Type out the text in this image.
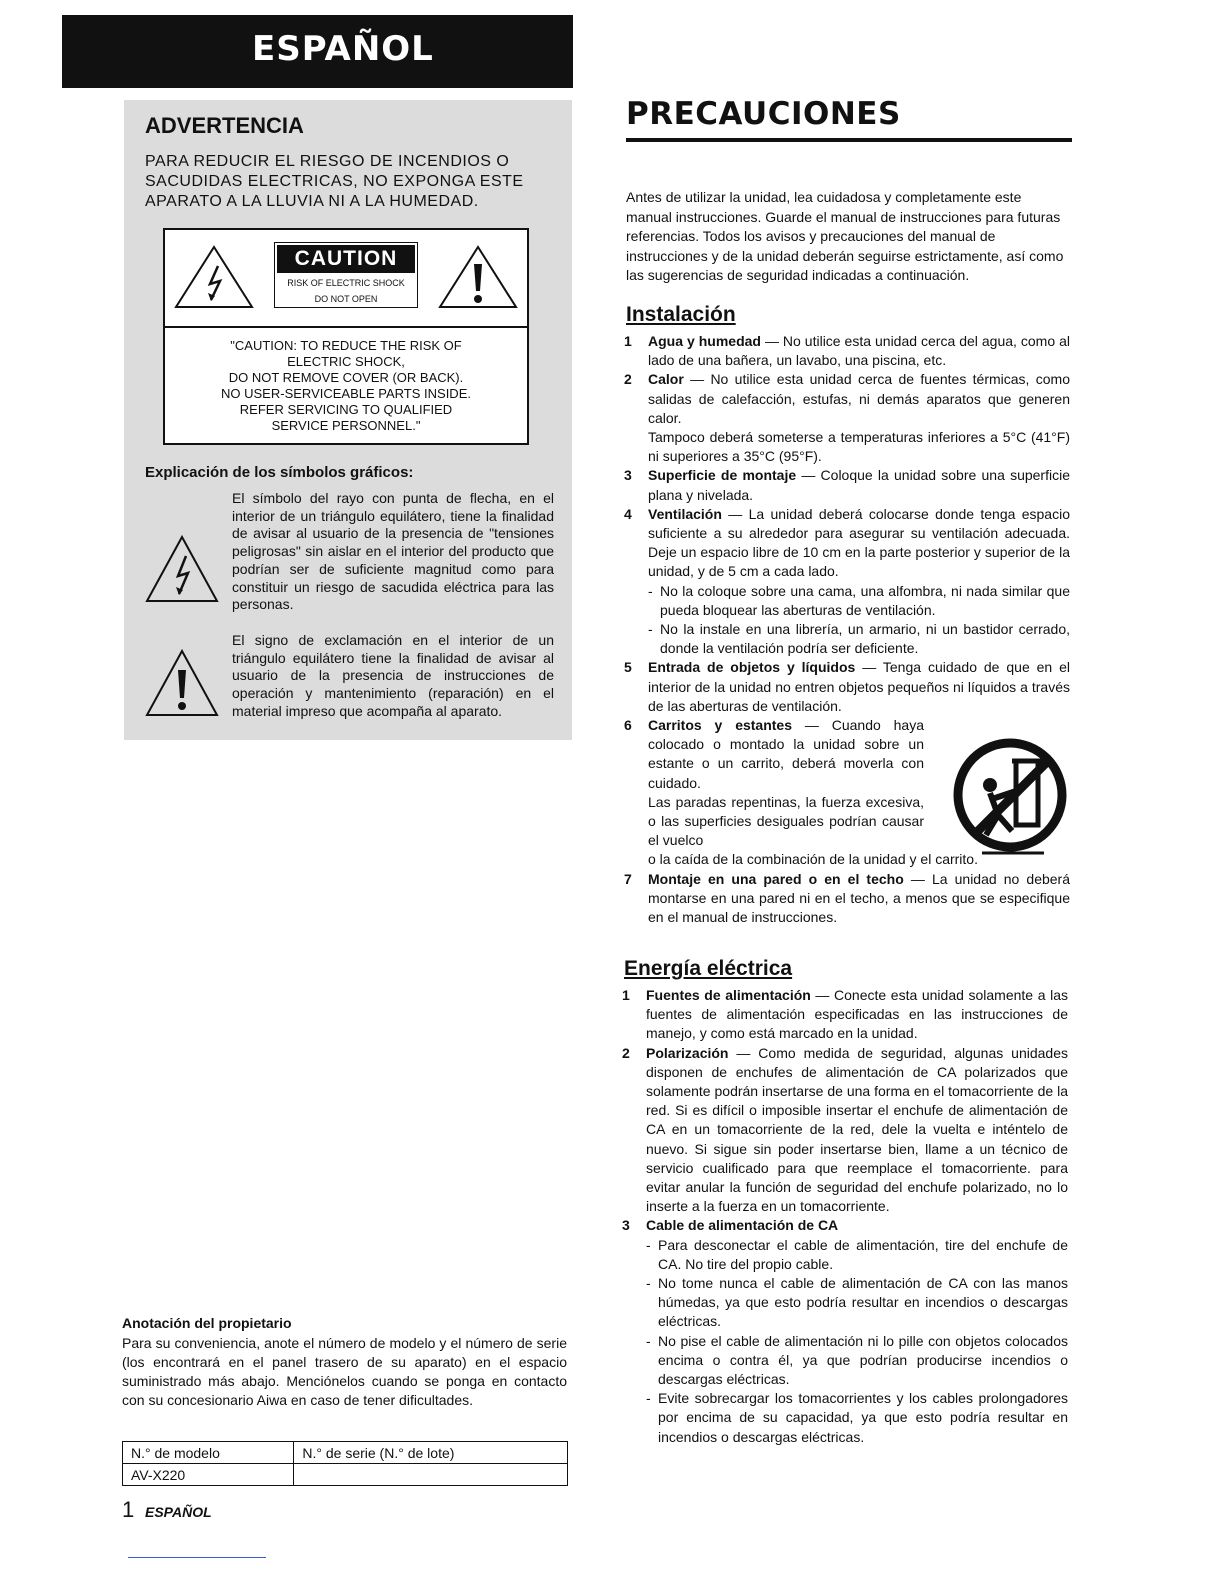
ESPAÑOL
ADVERTENCIA
PARA REDUCIR EL RIESGO DE INCENDIOS O SACUDIDAS ELECTRICAS, NO EXPONGA ESTE APARATO A LA LLUVIA NI A LA HUMEDAD.
CAUTION
RISK OF ELECTRIC SHOCK
DO NOT OPEN
"CAUTION: TO REDUCE THE RISK OF
ELECTRIC SHOCK,
DO NOT REMOVE COVER (OR BACK).
NO USER-SERVICEABLE PARTS INSIDE.
REFER SERVICING TO QUALIFIED
SERVICE PERSONNEL."
Explicación de los símbolos gráficos:
El símbolo del rayo con punta de flecha, en el interior de un triángulo equilátero, tiene la finalidad de avisar al usuario de la presencia de "tensiones peligrosas" sin aislar en el interior del producto que podrían ser de suficiente magnitud como para constituir un riesgo de sacudida eléctrica para las personas.
El signo de exclamación en el interior de un triángulo equilátero tiene la finalidad de avisar al usuario de la presencia de instrucciones de operación y mantenimiento (reparación) en el material impreso que acompaña al aparato.
Anotación del propietario
Para su conveniencia, anote el número de modelo y el número de serie (los encontrará en el panel trasero de su aparato) en el espacio suministrado más abajo. Menciónelos cuando se ponga en contacto con su concesionario Aiwa en caso de tener dificultades.
N.° de modelo	N.° de serie (N.° de lote)
AV-X220	
1 ESPAÑOL
PRECAUCIONES
Antes de utilizar la unidad, lea cuidadosa y completamente este manual instrucciones. Guarde el manual de instrucciones para futuras referencias. Todos los avisos y precauciones del manual de instrucciones y de la unidad deberán seguirse estrictamente, así como las sugerencias de seguridad indicadas a continuación.
Instalación
1 Agua y humedad — No utilice esta unidad cerca del agua, como al lado de una bañera, un lavabo, una piscina, etc.
2 Calor — No utilice esta unidad cerca de fuentes térmicas, como salidas de calefacción, estufas, ni demás aparatos que generen calor.
Tampoco deberá someterse a temperaturas inferiores a 5°C (41°F) ni superiores a 35°C (95°F).
3 Superficie de montaje — Coloque la unidad sobre una superficie plana y nivelada.
4 Ventilación — La unidad deberá colocarse donde tenga espacio suficiente a su alrededor para asegurar su ventilación adecuada. Deje un espacio libre de 10 cm en la parte posterior y superior de la unidad, y de 5 cm a cada lado.
- No la coloque sobre una cama, una alfombra, ni nada similar que pueda bloquear las aberturas de ventilación.
- No la instale en una librería, un armario, ni un bastidor cerrado, donde la ventilación podría ser deficiente.
5 Entrada de objetos y líquidos — Tenga cuidado de que en el interior de la unidad no entren objetos pequeños ni líquidos a través de las aberturas de ventilación.
6 Carritos y estantes — Cuando haya colocado o montado la unidad sobre un estante o un carrito, deberá moverla con cuidado.
Las paradas repentinas, la fuerza excesiva, o las superficies desiguales podrían causar el vuelco
o la caída de la combinación de la unidad y el carrito.
7 Montaje en una pared o en el techo — La unidad no deberá montarse en una pared ni en el techo, a menos que se especifique en el manual de instrucciones.
Energía eléctrica
1 Fuentes de alimentación — Conecte esta unidad solamente a las fuentes de alimentación especificadas en las instrucciones de manejo, y como está marcado en la unidad.
2 Polarización — Como medida de seguridad, algunas unidades disponen de enchufes de alimentación de CA polarizados que solamente podrán insertarse de una forma en el tomacorriente de la red. Si es difícil o imposible insertar el enchufe de alimentación de CA en un tomacorriente de la red, dele la vuelta e inténtelo de nuevo. Si sigue sin poder insertarse bien, llame a un técnico de servicio cualificado para que reemplace el tomacorriente. para evitar anular la función de seguridad del enchufe polarizado, no lo inserte a la fuerza en un tomacorriente.
3 Cable de alimentación de CA
- Para desconectar el cable de alimentación, tire del enchufe de CA. No tire del propio cable.
- No tome nunca el cable de alimentación de CA con las manos húmedas, ya que esto podría resultar en incendios o descargas eléctricas.
- No pise el cable de alimentación ni lo pille con objetos colocados encima o contra él, ya que podrían producirse incendios o descargas eléctricas.
- Evite sobrecargar los tomacorrientes y los cables prolongadores por encima de su capacidad, ya que esto podría resultar en incendios o descargas eléctricas.
